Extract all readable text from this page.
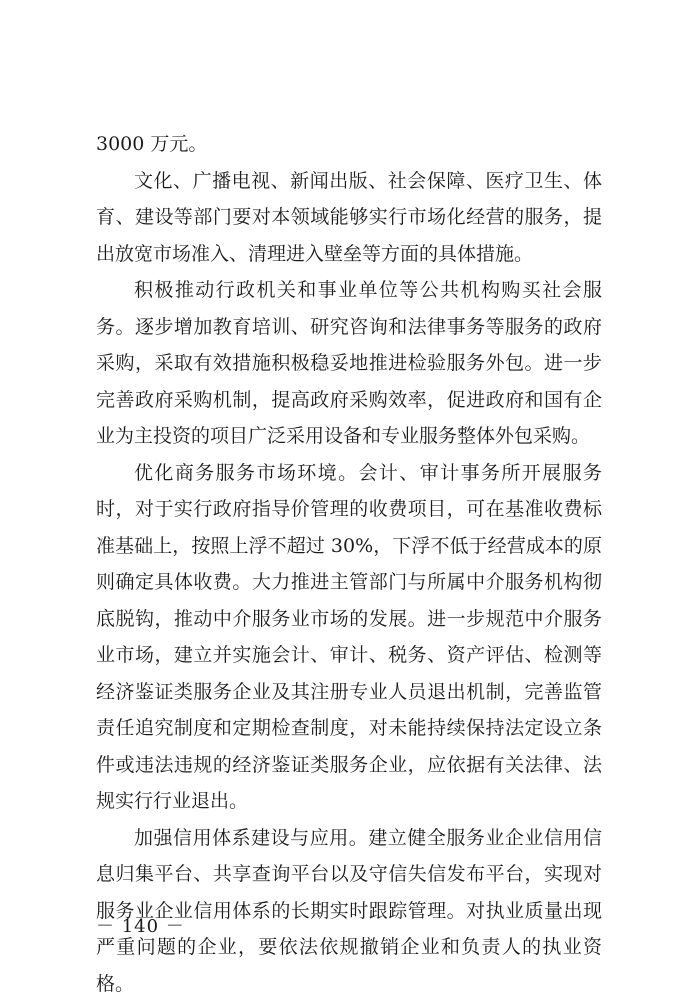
3000 万元。

文化、广播电视、新闻出版、社会保障、医疗卫生、体育、建设等部门要对本领域能够实行市场化经营的服务，提出放宽市场准入、清理进入壁垒等方面的具体措施。

积极推动行政机关和事业单位等公共机构购买社会服务。逐步增加教育培训、研究咨询和法律事务等服务的政府采购，采取有效措施积极稳妥地推进检验服务外包。进一步完善政府采购机制，提高政府采购效率，促进政府和国有企业为主投资的项目广泛采用设备和专业服务整体外包采购。

优化商务服务市场环境。会计、审计事务所开展服务时，对于实行政府指导价管理的收费项目，可在基准收费标准基础上，按照上浮不超过 30%，下浮不低于经营成本的原则确定具体收费。大力推进主管部门与所属中介服务机构彻底脱钩，推动中介服务业市场的发展。进一步规范中介服务业市场，建立并实施会计、审计、税务、资产评估、检测等经济鉴证类服务企业及其注册专业人员退出机制，完善监管责任追究制度和定期检查制度，对未能持续保持法定设立条件或违法违规的经济鉴证类服务企业，应依据有关法律、法规实行行业退出。

加强信用体系建设与应用。建立健全服务业企业信用信息归集平台、共享查询平台以及守信失信发布平台，实现对服务业企业信用体系的长期实时跟踪管理。对执业质量出现严重问题的企业，要依法依规撤销企业和负责人的执业资格。

－ 140 －
